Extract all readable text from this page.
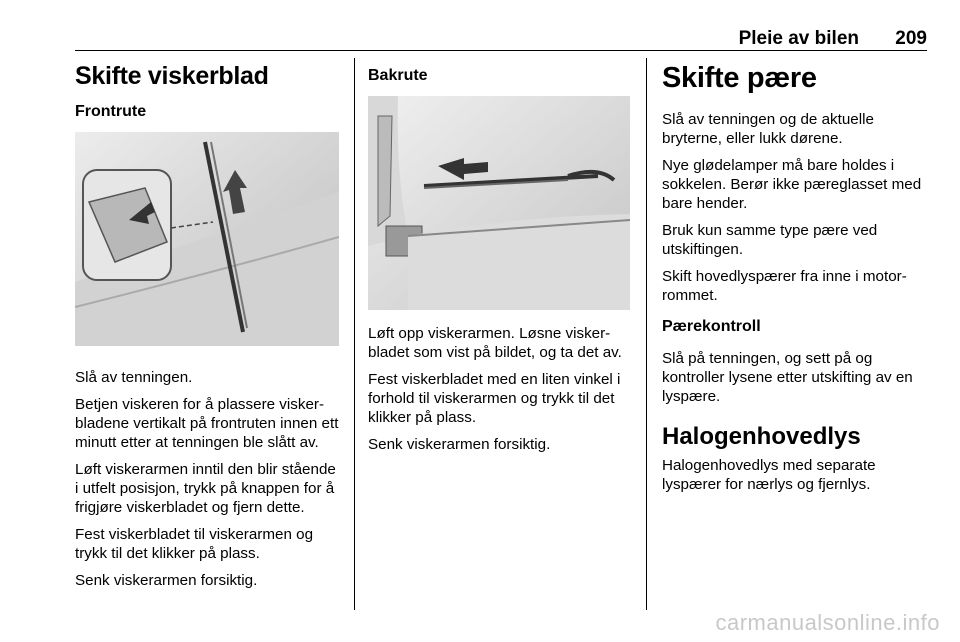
Pleie av bilen 209
Skifte viskerblad
Frontrute

Slå av tenningen.

Betjen viskeren for å plassere visker-bladene vertikalt på frontruten innen ett minutt etter at tenningen ble slått av.

Løft viskerarmen inntil den blir stående i utfelt posisjon, trykk på knappen for å frigjøre viskerbladet og fjern dette.

Fest viskerbladet til viskerarmen og trykk til det klikker på plass.

Senk viskerarmen forsiktig.

Bakrute

Løft opp viskerarmen. Løsne visker-bladet som vist på bildet, og ta det av.

Fest viskerbladet med en liten vinkel i forhold til viskerarmen og trykk til det klikker på plass.

Senk viskerarmen forsiktig.

Skifte pære

Slå av tenningen og de aktuelle bryterne, eller lukk dørene.

Nye glødelamper må bare holdes i sokkelen. Berør ikke pæreglasset med bare hender.

Bruk kun samme type pære ved utskiftingen.

Skift hovedlyspærer fra inne i motor-rommet.

Pærekontroll

Slå på tenningen, og sett på og kontroller lysene etter utskifting av en lyspære.

Halogenhovedlys

Halogenhovedlys med separate lyspærer for nærlys og fjernlys.

carmanualsonline.info
